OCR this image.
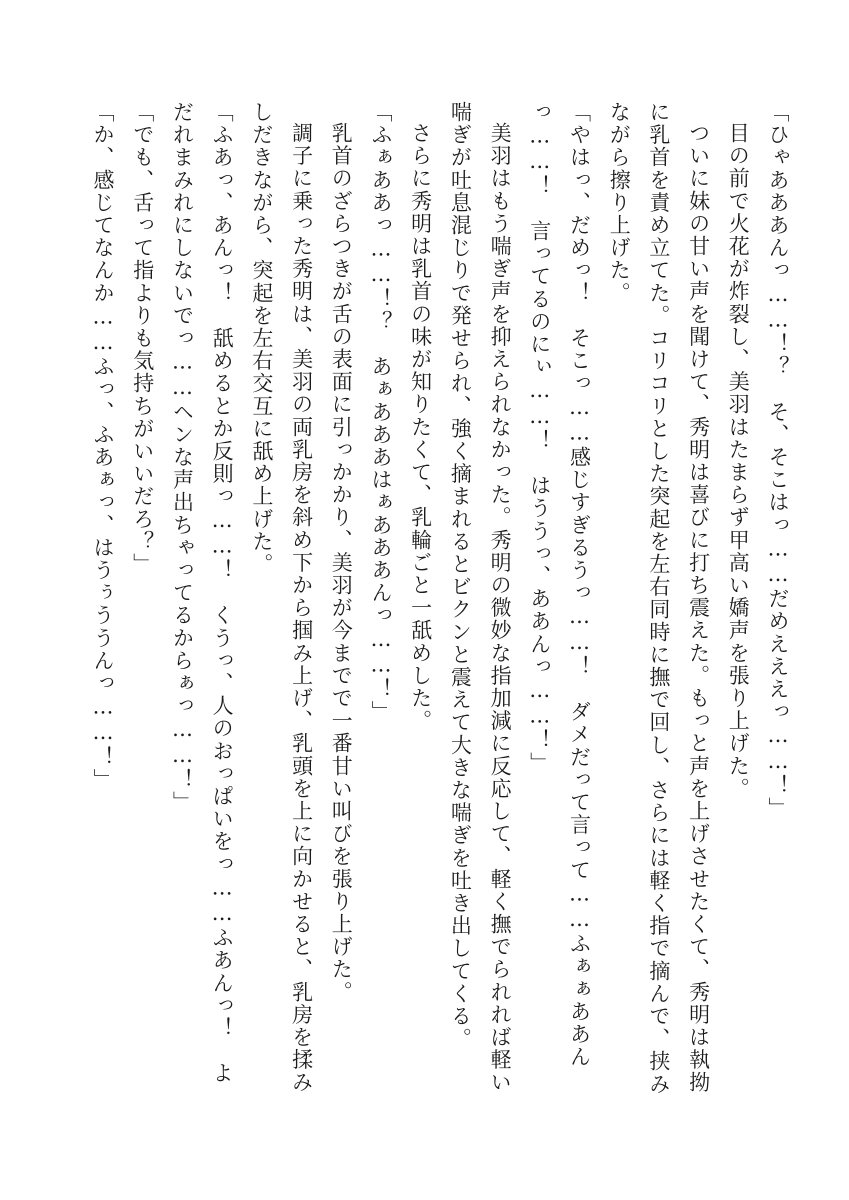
「ひゃあああんっ……！？　そ、そこはっ……だめえええっ……！」

目の前で火花が炸裂し、美羽はたまらず甲高い嬌声を張り上げた。

ついに妹の甘い声を聞けて、秀明は喜びに打ち震えた。もっと声を上げさせたくて、秀明は執拗に乳首を責め立てた。コリコリとした突起を左右同時に撫で回し、さらには軽く指で摘んで、挟みながら擦り上げた。

「やはっ、だめっ！　そこっ……感じすぎるうっ……！　ダメだって言って……ふぁぁああんっ……！　言ってるのにぃ……！　はううっ、ああんっ……！」

美羽はもう喘ぎ声を抑えられなかった。秀明の微妙な指加減に反応して、軽く撫でられれば軽い喘ぎが吐息混じりで発せられ、強く摘まれるとビクンと震えて大きな喘ぎを吐き出してくる。

さらに秀明は乳首の味が知りたくて、乳輪ごと一舐めした。

「ふぁああっ……！？　あぁあああはぁあああんっ……！」

乳首のざらつきが舌の表面に引っかかり、美羽が今までで一番甘い叫びを張り上げた。

調子に乗った秀明は、美羽の両乳房を斜め下から掴み上げ、乳頭を上に向かせると、乳房を揉みしだきながら、突起を左右交互に舐め上げた。

「ふあっ、あんっ！　舐めるとか反則っ……！　くうっ、人のおっぱいをっ……ふあんっ！　よだれまみれにしないでっ……ヘンな声出ちゃってるからぁっ……！」

「でも、舌って指よりも気持ちがいいだろ？」

「か、感じてなんか……ふっ、ふあぁっ、はうぅううんっ……！」
